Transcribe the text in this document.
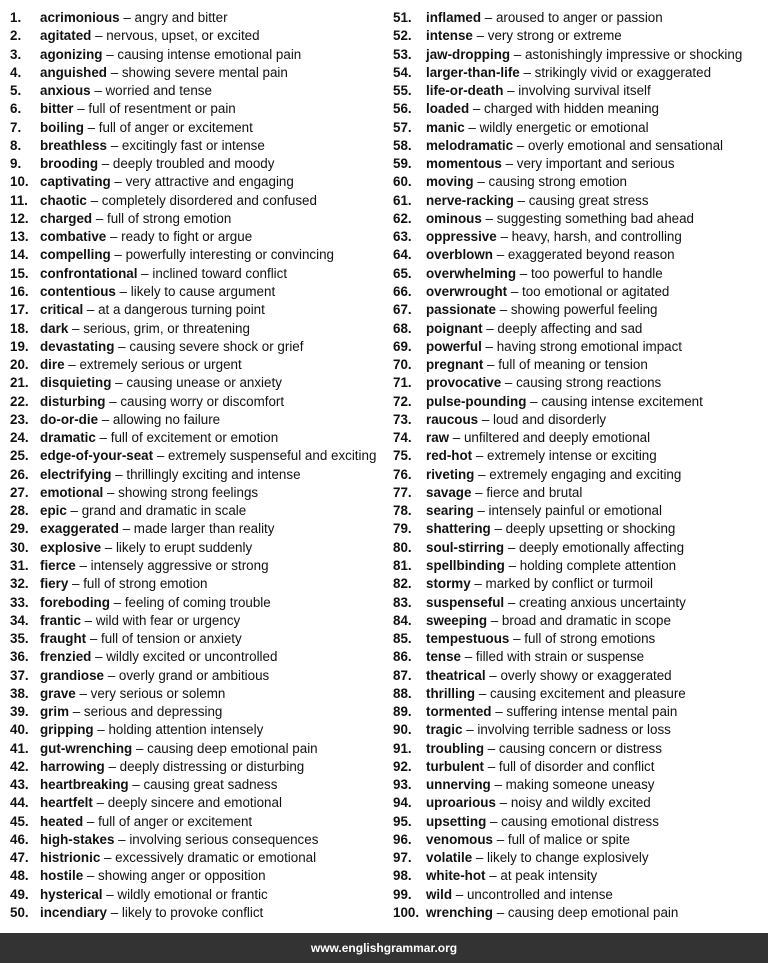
1.	acrimonious – angry and bitter
2.	agitated – nervous, upset, or excited
3.	agonizing – causing intense emotional pain
4.	anguished – showing severe mental pain
5.	anxious – worried and tense
6.	bitter – full of resentment or pain
7.	boiling – full of anger or excitement
8.	breathless – excitingly fast or intense
9.	brooding – deeply troubled and moody
10. captivating – very attractive and engaging
11. chaotic – completely disordered and confused
12. charged – full of strong emotion
13. combative – ready to fight or argue
14. compelling – powerfully interesting or convincing
15. confrontational – inclined toward conflict
16. contentious – likely to cause argument
17. critical – at a dangerous turning point
18. dark – serious, grim, or threatening
19. devastating – causing severe shock or grief
20. dire – extremely serious or urgent
21. disquieting – causing unease or anxiety
22. disturbing – causing worry or discomfort
23. do-or-die – allowing no failure
24. dramatic – full of excitement or emotion
25. edge-of-your-seat – extremely suspenseful and exciting
26. electrifying – thrillingly exciting and intense
27. emotional – showing strong feelings
28. epic – grand and dramatic in scale
29. exaggerated – made larger than reality
30. explosive – likely to erupt suddenly
31. fierce – intensely aggressive or strong
32. fiery – full of strong emotion
33. foreboding – feeling of coming trouble
34. frantic – wild with fear or urgency
35. fraught – full of tension or anxiety
36. frenzied – wildly excited or uncontrolled
37. grandiose – overly grand or ambitious
38. grave – very serious or solemn
39. grim – serious and depressing
40. gripping – holding attention intensely
41. gut-wrenching – causing deep emotional pain
42. harrowing – deeply distressing or disturbing
43. heartbreaking – causing great sadness
44. heartfelt – deeply sincere and emotional
45. heated – full of anger or excitement
46. high-stakes – involving serious consequences
47. histrionic – excessively dramatic or emotional
48. hostile – showing anger or opposition
49. hysterical – wildly emotional or frantic
50. incendiary – likely to provoke conflict
51.	inflamed – aroused to anger or passion
52.	intense – very strong or extreme
53.	jaw-dropping – astonishingly impressive or shocking
54.	larger-than-life – strikingly vivid or exaggerated
55.	life-or-death – involving survival itself
56.	loaded – charged with hidden meaning
57.	manic – wildly energetic or emotional
58.	melodramatic – overly emotional and sensational
59.	momentous – very important and serious
60.	moving – causing strong emotion
61.	nerve-racking – causing great stress
62.	ominous – suggesting something bad ahead
63.	oppressive – heavy, harsh, and controlling
64.	overblown – exaggerated beyond reason
65.	overwhelming – too powerful to handle
66.	overwrought – too emotional or agitated
67.	passionate – showing powerful feeling
68.	poignant – deeply affecting and sad
69.	powerful – having strong emotional impact
70.	pregnant – full of meaning or tension
71.	provocative – causing strong reactions
72.	pulse-pounding – causing intense excitement
73.	raucous – loud and disorderly
74.	raw – unfiltered and deeply emotional
75.	red-hot – extremely intense or exciting
76.	riveting – extremely engaging and exciting
77.	savage – fierce and brutal
78.	searing – intensely painful or emotional
79.	shattering – deeply upsetting or shocking
80.	soul-stirring – deeply emotionally affecting
81.	spellbinding – holding complete attention
82.	stormy – marked by conflict or turmoil
83.	suspenseful – creating anxious uncertainty
84.	sweeping – broad and dramatic in scope
85.	tempestuous – full of strong emotions
86.	tense – filled with strain or suspense
87.	theatrical – overly showy or exaggerated
88.	thrilling – causing excitement and pleasure
89.	tormented – suffering intense mental pain
90.	tragic – involving terrible sadness or loss
91.	troubling – causing concern or distress
92.	turbulent – full of disorder and conflict
93.	unnerving – making someone uneasy
94.	uproarious – noisy and wildly excited
95.	upsetting – causing emotional distress
96.	venomous – full of malice or spite
97.	volatile – likely to change explosively
98.	white-hot – at peak intensity
99.	wild – uncontrolled and intense
100. wrenching – causing deep emotional pain
www.englishgrammar.org
